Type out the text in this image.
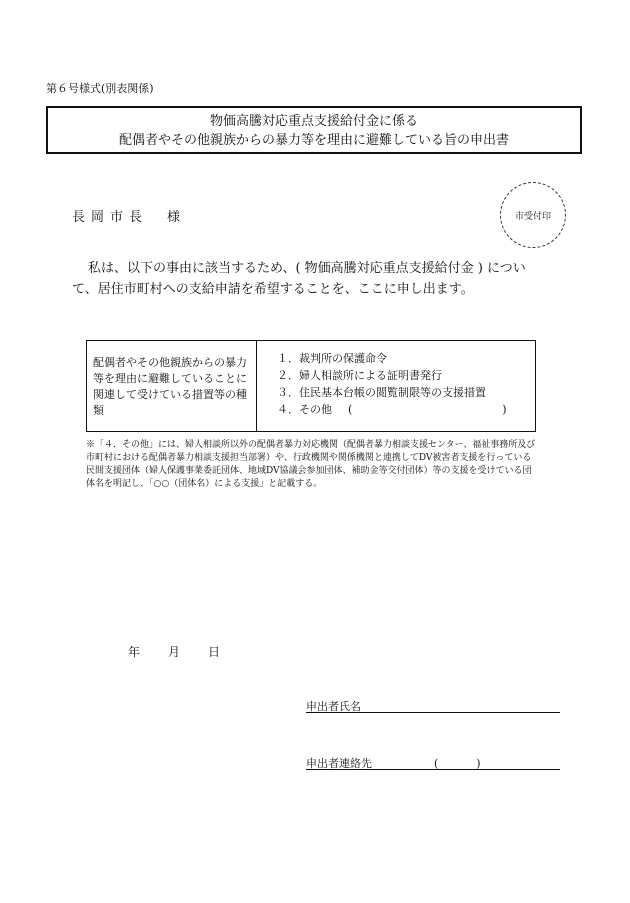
第６号様式(別表関係)
物価高騰対応重点支援給付金に係る
配偶者やその他親族からの暴力等を理由に避難している旨の申出書
長岡市長　様	市受付印
私は、以下の事由に該当するため、( 物価高騰対応重点支援給付金 ) につい
て、居住市町村への支給申請を希望することを、ここに申し出ます。
配偶者やその他親族からの暴力等を理由に避難していることに関連して受けている措置等の種類
１．裁判所の保護命令
２．婦人相談所による証明書発行
３．住民基本台帳の閲覧制限等の支援措置
４．その他 (	)
※「４．その他」には、婦人相談所以外の配偶者暴力対応機関（配偶者暴力相談支援センター、福祉事務所及び市町村における配偶者暴力相談支援担当部署）や、行政機関や関係機関と連携してDV被害者支援を行っている民間支援団体（婦人保護事業委託団体、地域DV協議会参加団体、補助金等交付団体）等の支援を受けている団体名を明記し、「○○（団体名）による支援」と記載する。
年 月 日
申出者氏名
申出者連絡先	(	)
